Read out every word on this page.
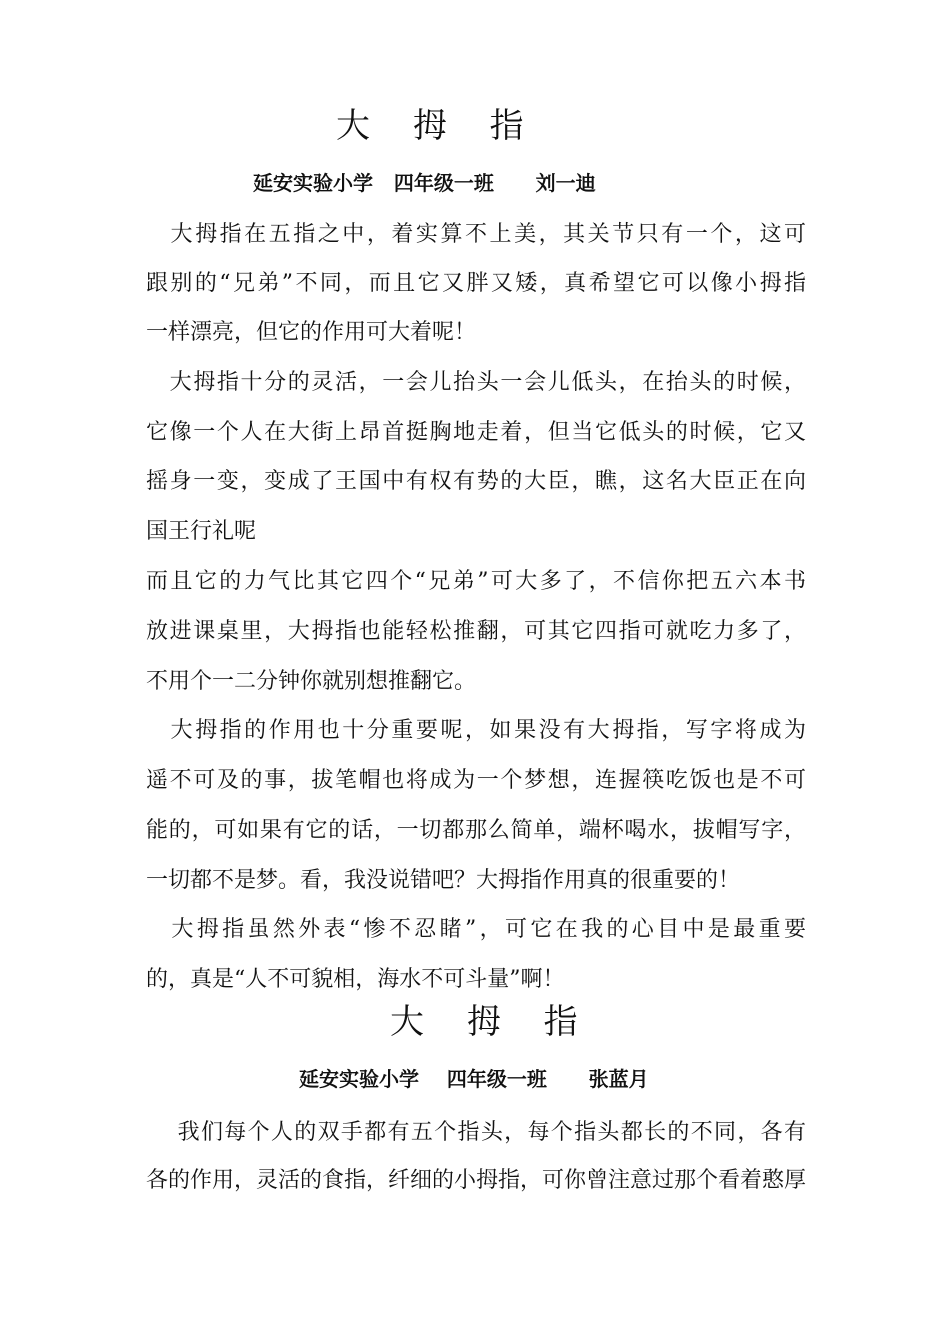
大 拇 指
延安实验小学   四年级一班      刘一迪
　大拇指在五指之中，着实算不上美，其关节只有一个，这可
跟别的“兄弟”不同，而且它又胖又矮，真希望它可以像小拇指
一样漂亮，但它的作用可大着呢！
　大拇指十分的灵活，一会儿抬头一会儿低头，在抬头的时候，
它像一个人在大街上昂首挺胸地走着，但当它低头的时候，它又
摇身一变，变成了王国中有权有势的大臣，瞧，这名大臣正在向
国王行礼呢
而且它的力气比其它四个“兄弟”可大多了，不信你把五六本书
放进课桌里，大拇指也能轻松推翻，可其它四指可就吃力多了，
不用个一二分钟你就别想推翻它。
　大拇指的作用也十分重要呢，如果没有大拇指，写字将成为
遥不可及的事，拔笔帽也将成为一个梦想，连握筷吃饭也是不可
能的，可如果有它的话，一切都那么简单，端杯喝水，拔帽写字，
一切都不是梦。看，我没说错吧？大拇指作用真的很重要的！
　大拇指虽然外表“惨不忍睹”，可它在我的心目中是最重要
的，真是“人不可貌相，海水不可斗量”啊！
大 拇 指
延安实验小学    四年级一班      张蓝月
　 我们每个人的双手都有五个指头，每个指头都长的不同，各有
各的作用，灵活的食指，纤细的小拇指，可你曾注意过那个看着憨厚
